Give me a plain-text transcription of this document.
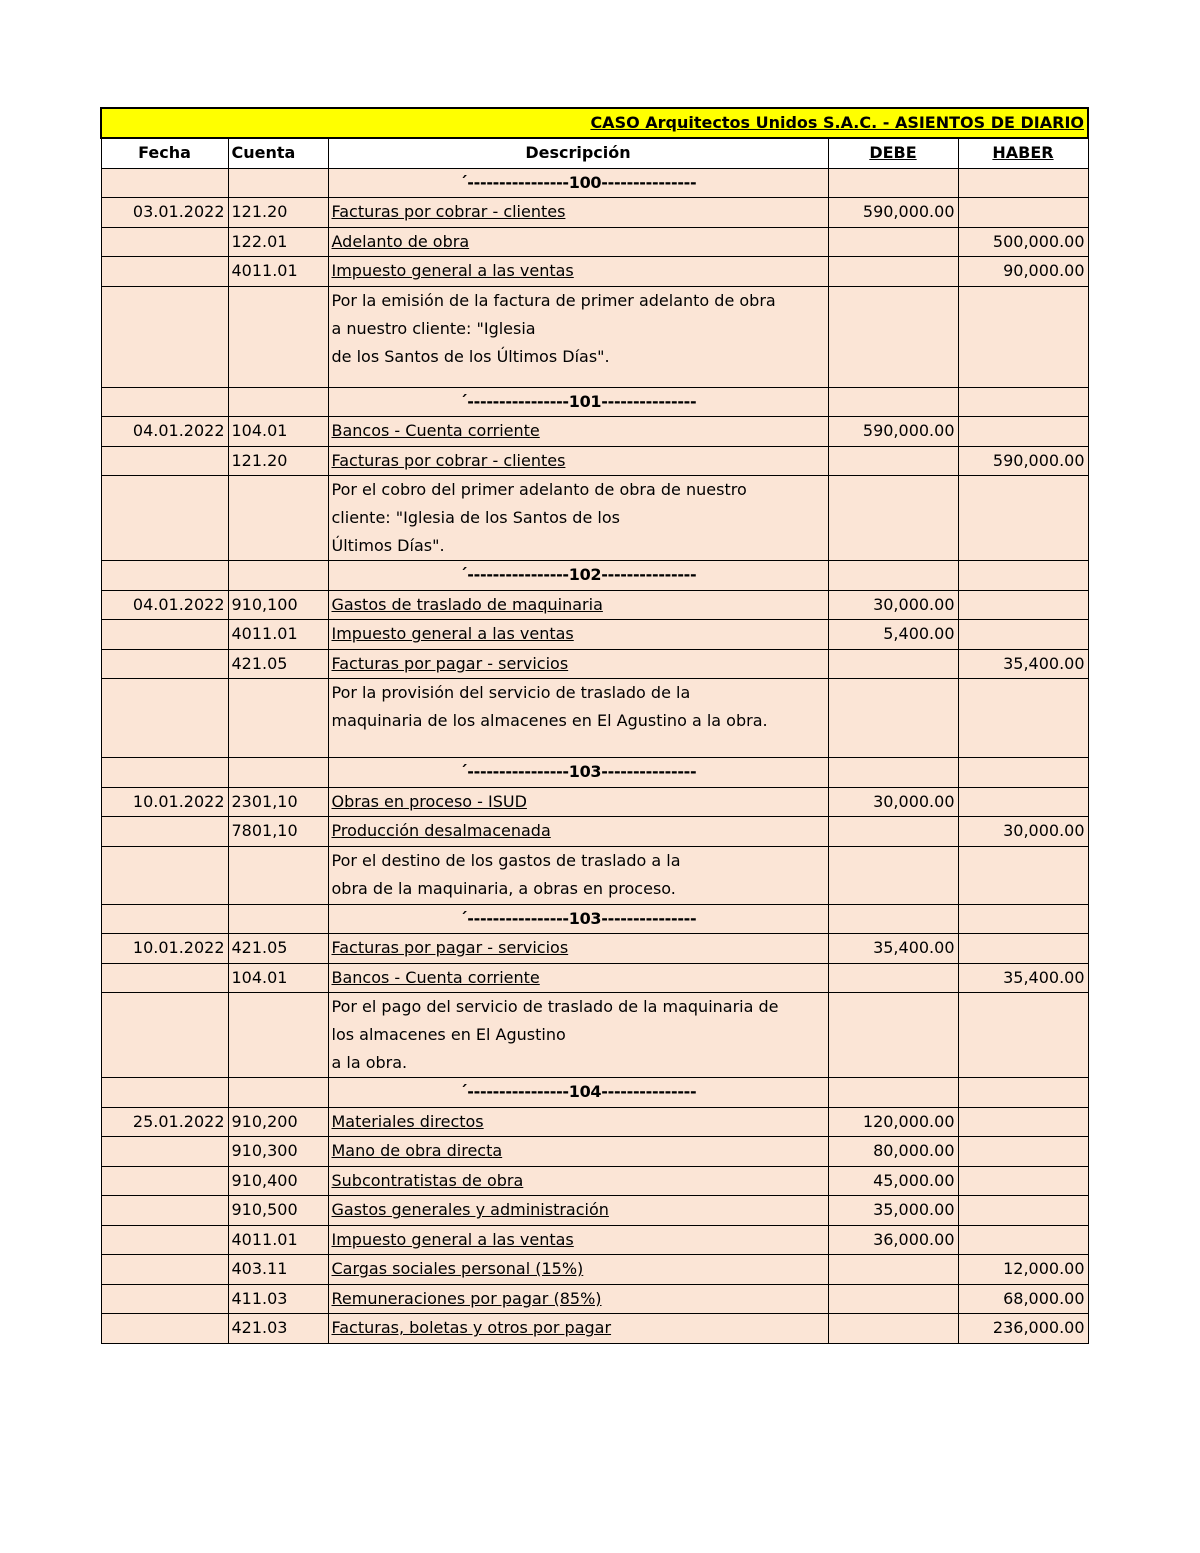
CASO Arquitectos Unidos S.A.C. - ASIENTOS DE DIARIO				
Fecha	Cuenta	Descripción	DEBE	HABER
		´----------------100---------------		
03.01.2022	121.20	Facturas por cobrar - clientes	590,000.00	
	122.01	Adelanto de obra		500,000.00
	4011.01	Impuesto general a las ventas		90,000.00

		Por la emisión de la factura de primer adelanto de obra
a nuestro cliente: "Iglesia
de los Santos de los Últimos Días".		

		´----------------101---------------		
04.01.2022	104.01	Bancos - Cuenta corriente	590,000.00	
	121.20	Facturas por cobrar - clientes		590,000.00

		Por el cobro del primer adelanto de obra de nuestro
cliente: "Iglesia de los Santos de los
Últimos Días".		

		´----------------102---------------		
04.01.2022	910,100	Gastos de traslado de maquinaria	30,000.00	
	4011.01	Impuesto general a las ventas	5,400.00	
	421.05	Facturas por pagar - servicios		35,400.00

		Por la provisión del servicio de traslado de la
maquinaria de los almacenes en El Agustino a la obra.		

		´----------------103---------------		
10.01.2022	2301,10	Obras en proceso - ISUD	30,000.00	
	7801,10	Producción desalmacenada		30,000.00

		Por el destino de los gastos de traslado a la
obra de la maquinaria, a obras en proceso.		

		´----------------103---------------		
10.01.2022	421.05	Facturas por pagar - servicios	35,400.00	
	104.01	Bancos - Cuenta corriente		35,400.00

		Por el pago del servicio de traslado de la maquinaria de
los almacenes en El Agustino
a la obra.		

		´----------------104---------------		
25.01.2022	910,200	Materiales directos	120,000.00	
	910,300	Mano de obra directa	80,000.00	
	910,400	Subcontratistas de obra	45,000.00	
	910,500	Gastos generales y administración	35,000.00	
	4011.01	Impuesto general a las ventas	36,000.00	
	403.11	Cargas sociales personal (15%)		12,000.00
	411.03	Remuneraciones por pagar (85%)		68,000.00
	421.03	Facturas, boletas y otros por pagar		236,000.00
